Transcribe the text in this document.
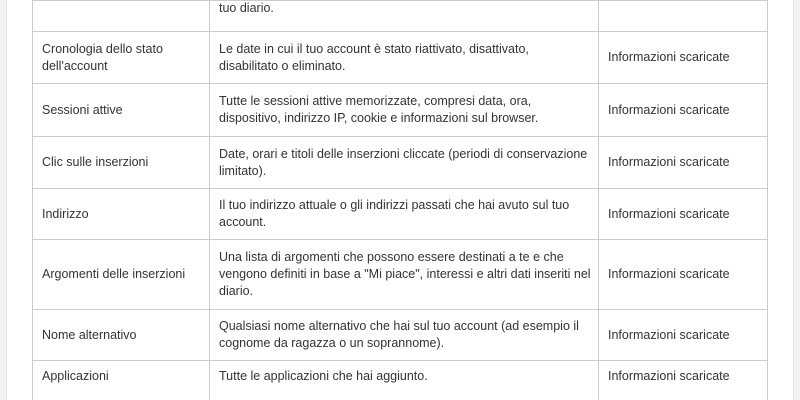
	tuo diario.	
Cronologia dello stato dell'account	Le date in cui il tuo account è stato riattivato, disattivato, disabilitato o eliminato.	Informazioni scaricate
Sessioni attive	Tutte le sessioni attive memorizzate, compresi data, ora, dispositivo, indirizzo IP, cookie e informazioni sul browser.	Informazioni scaricate
Clic sulle inserzioni	Date, orari e titoli delle inserzioni cliccate (periodi di conservazione limitato).	Informazioni scaricate
Indirizzo	Il tuo indirizzo attuale o gli indirizzi passati che hai avuto sul tuo account.	Informazioni scaricate
Argomenti delle inserzioni	Una lista di argomenti che possono essere destinati a te e che vengono definiti in base a "Mi piace", interessi e altri dati inseriti nel diario.	Informazioni scaricate
Nome alternativo	Qualsiasi nome alternativo che hai sul tuo account (ad esempio il cognome da ragazza o un soprannome).	Informazioni scaricate
Applicazioni	Tutte le applicazioni che hai aggiunto.	Informazioni scaricate
